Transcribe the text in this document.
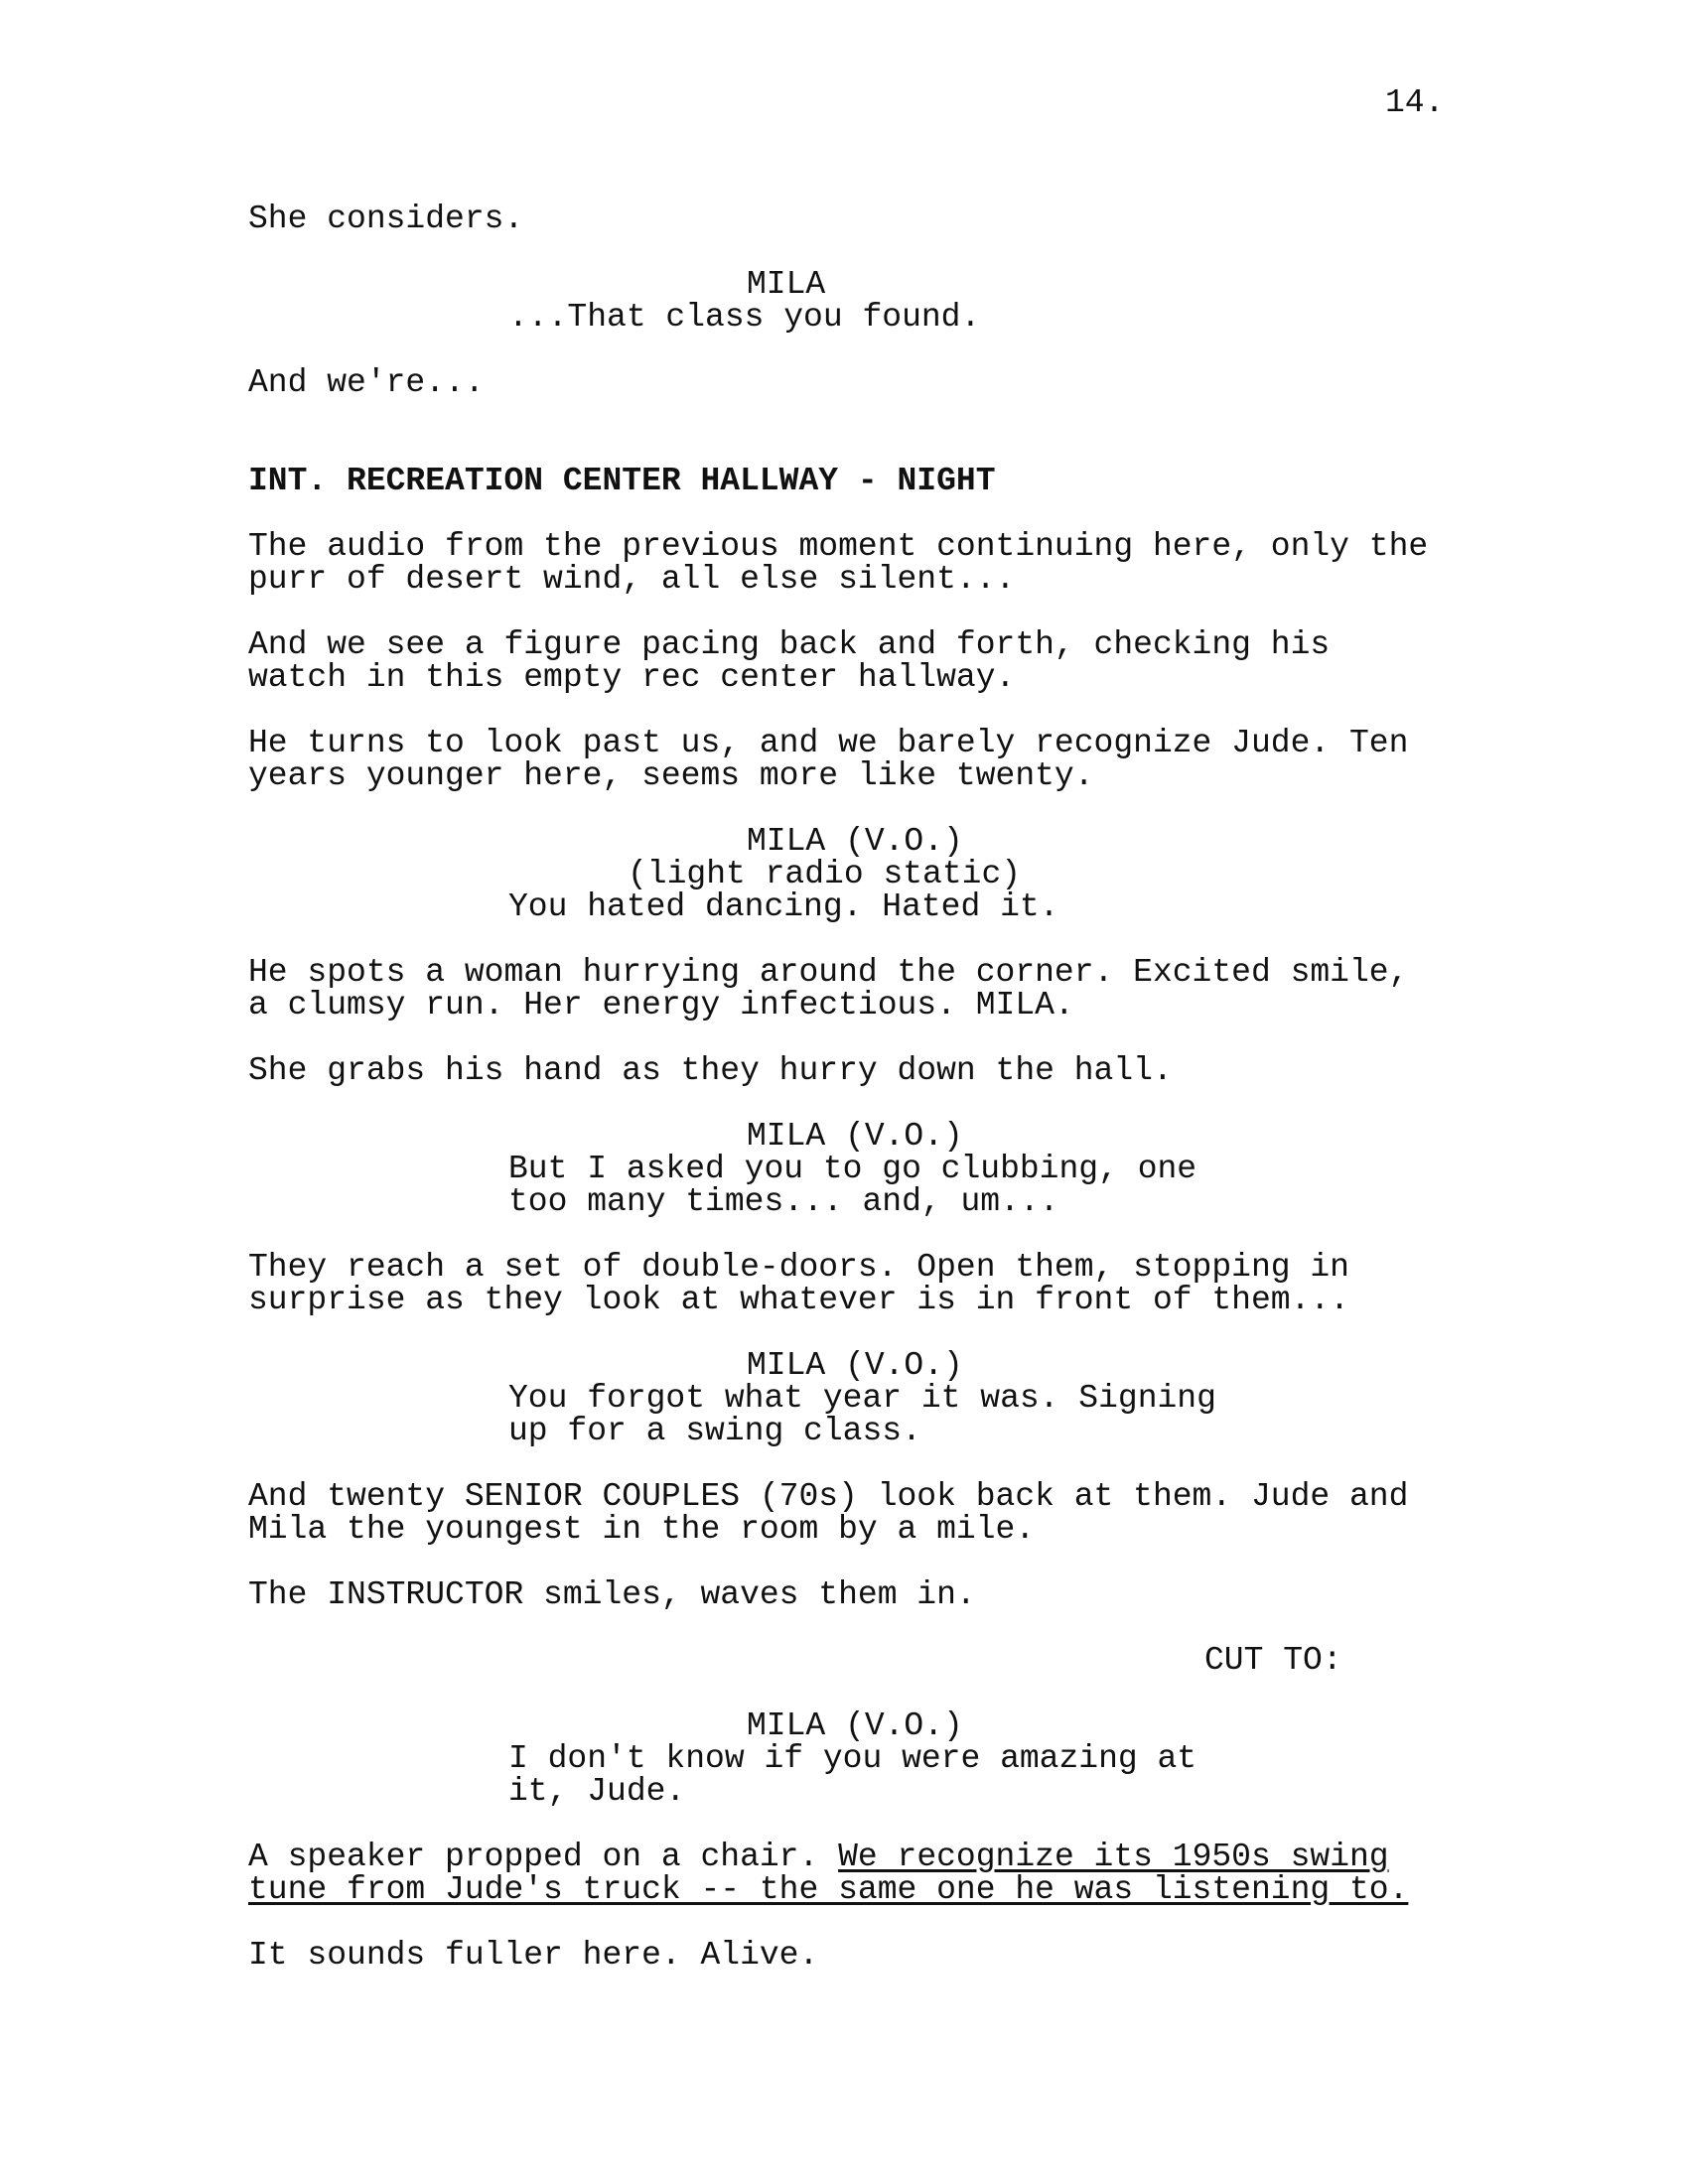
14.
She considers.
MILA
...That class you found.
And we're...
INT. RECREATION CENTER HALLWAY - NIGHT
The audio from the previous moment continuing here, only the
purr of desert wind, all else silent...
And we see a figure pacing back and forth, checking his
watch in this empty rec center hallway.
He turns to look past us, and we barely recognize Jude. Ten
years younger here, seems more like twenty.
MILA (V.O.)
(light radio static)
You hated dancing. Hated it.
He spots a woman hurrying around the corner. Excited smile,
a clumsy run. Her energy infectious. MILA.
She grabs his hand as they hurry down the hall.
MILA (V.O.)
But I asked you to go clubbing, one
too many times... and, um...
They reach a set of double-doors. Open them, stopping in
surprise as they look at whatever is in front of them...
MILA (V.O.)
You forgot what year it was. Signing
up for a swing class.
And twenty SENIOR COUPLES (70s) look back at them. Jude and
Mila the youngest in the room by a mile.
The INSTRUCTOR smiles, waves them in.
CUT TO:
MILA (V.O.)
I don't know if you were amazing at
it, Jude.
A speaker propped on a chair. We recognize its 1950s swing
tune from Jude's truck -- the same one he was listening to.
It sounds fuller here. Alive.
